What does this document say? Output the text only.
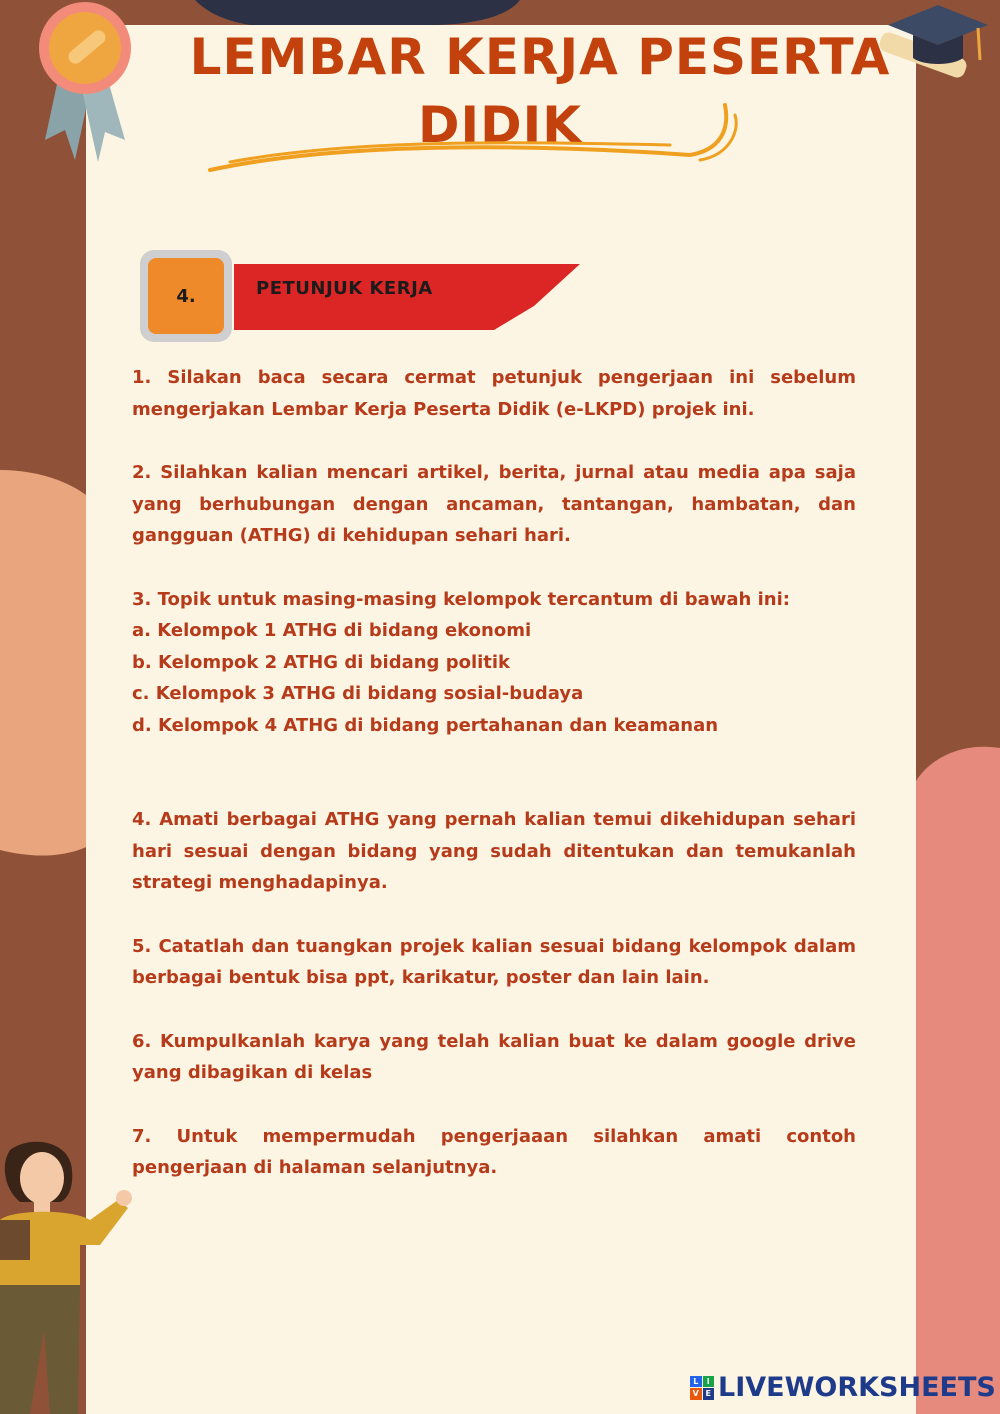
LEMBAR KERJA PESERTA
DIDIK
4.	PETUNJUK KERJA
1. Silakan baca secara cermat petunjuk pengerjaan ini sebelum mengerjakan Lembar Kerja Peserta Didik (e-LKPD) projek ini.
2. Silahkan kalian mencari artikel, berita, jurnal atau media apa saja yang berhubungan dengan ancaman, tantangan, hambatan, dan gangguan (ATHG) di kehidupan sehari hari.
3. Topik untuk masing-masing kelompok tercantum di bawah ini:
a. Kelompok 1 ATHG di bidang ekonomi
b. Kelompok 2 ATHG di bidang politik
c. Kelompok 3 ATHG di bidang sosial-budaya
d. Kelompok 4 ATHG di bidang pertahanan dan keamanan
4. Amati berbagai ATHG yang pernah kalian temui dikehidupan sehari hari sesuai dengan bidang yang sudah ditentukan dan temukanlah strategi menghadapinya.
5. Catatlah dan tuangkan projek kalian sesuai bidang kelompok dalam berbagai bentuk bisa ppt, karikatur, poster dan lain lain.
6. Kumpulkanlah karya yang telah kalian buat ke dalam google drive yang dibagikan di kelas
7. Untuk mempermudah pengerjaaan silahkan amati contoh pengerjaan di halaman selanjutnya.
L	I
V E LIVEWORKSHEETS
